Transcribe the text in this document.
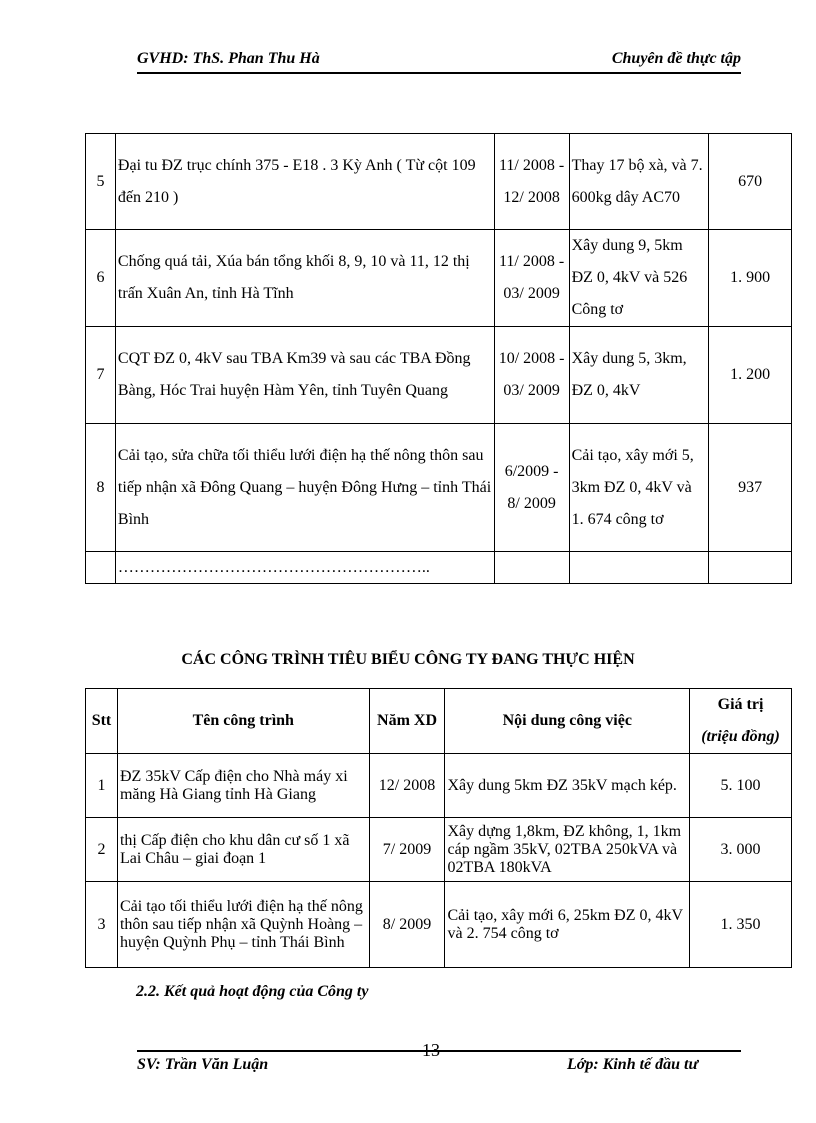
GVHD: ThS. Phan Thu Hà	Chuyên đề thực tập
5	Đại tu ĐZ trục chính 375 - E18 . 3 Kỳ Anh ( Từ cột 109 đến 210 )	11/ 2008 - 12/ 2008	Thay 17 bộ xà, và 7. 600kg dây AC70	670
6	Chống quá tải, Xúa bán tổng khối 8, 9, 10 và 11, 12 thị trấn Xuân An, tỉnh Hà Tĩnh	11/ 2008 - 03/ 2009	Xây dung 9, 5km ĐZ 0, 4kV và 526 Công tơ	1. 900
7	CQT ĐZ 0, 4kV sau TBA Km39 và sau các TBA Đồng Bàng, Hóc Trai huyện Hàm Yên, tỉnh Tuyên Quang	10/ 2008 - 03/ 2009	Xây dung 5, 3km, ĐZ 0, 4kV	1. 200
8	Cải tạo, sửa chữa tối thiểu lưới điện hạ thế nông thôn sau tiếp nhận xã Đông Quang – huyện Đông Hưng – tỉnh Thái Bình	6/2009 - 8/ 2009	Cải tạo, xây mới 5, 3km ĐZ 0, 4kV và 1. 674 công tơ	937
	…………………………………………………..			
CÁC CÔNG TRÌNH TIÊU BIỂU CÔNG TY ĐANG THỰC HIỆN
Stt	Tên công trình	Năm XD	Nội dung công việc	Giá trị
(triệu đồng)

1	ĐZ 35kV Cấp điện cho Nhà máy xi măng Hà Giang tỉnh Hà Giang	12/ 2008	Xây dung 5km ĐZ 35kV mạch kép.	5. 100
2	thị Cấp điện cho khu dân cư số 1 xã Lai Châu – giai đoạn 1	7/ 2009	Xây dựng 1,8km, ĐZ không, 1, 1km cáp ngầm 35kV, 02TBA 250kVA và 02TBA 180kVA	3. 000
3	Cải tạo tối thiểu lưới điện hạ thế nông thôn sau tiếp nhận xã Quỳnh Hoàng – huyện Quỳnh Phụ – tỉnh Thái Bình	8/ 2009	Cải tạo, xây mới 6, 25km ĐZ 0, 4kV và 2. 754 công tơ	1. 350
2.2. Kết quả hoạt động của Công ty
SV: Trần Văn Luận
13
Lớp: Kinh tế đầu tư
